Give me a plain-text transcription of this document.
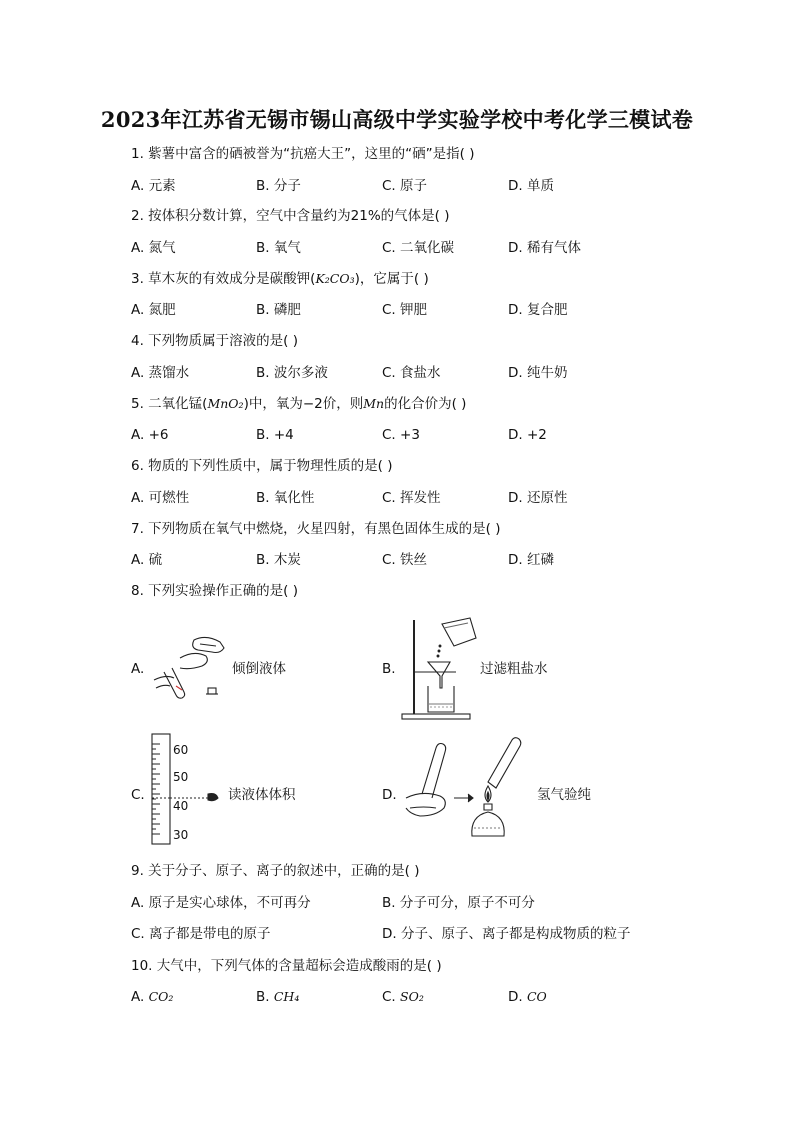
2023年江苏省无锡市锡山高级中学实验学校中考化学三模试卷
1. 紫薯中富含的硒被誉为“抗癌大王”，这里的“硒”是指( )
A. 元素	B. 分子	C. 原子	D. 单质
2. 按体积分数计算，空气中含量约为21%的气体是( )
A. 氮气	B. 氧气	C. 二氧化碳	D. 稀有气体
3. 草木灰的有效成分是碳酸钾(K₂CO₃)，它属于( )
A. 氮肥	B. 磷肥	C. 钾肥	D. 复合肥
4. 下列物质属于溶液的是( )
A. 蒸馏水	B. 波尔多液	C. 食盐水	D. 纯牛奶
5. 二氧化锰(MnO₂)中，氧为−2价，则Mn的化合价为( )
A. +6	B. +4	C. +3	D. +2
6. 物质的下列性质中，属于物理性质的是( )
A. 可燃性	B. 氧化性	C. 挥发性	D. 还原性
7. 下列物质在氧气中燃烧，火星四射，有黑色固体生成的是( )
A. 硫	B. 木炭	C. 铁丝	D. 红磷
8. 下列实验操作正确的是( )
A.	倾倒液体	B.	过滤粗盐水
C.
60
50
40
30
读液体体积	D.	氢气验纯
9. 关于分子、原子、离子的叙述中，正确的是( )
A. 原子是实心球体，不可再分	B. 分子可分，原子不可分
C. 离子都是带电的原子	D. 分子、原子、离子都是构成物质的粒子
10. 大气中，下列气体的含量超标会造成酸雨的是( )
A. CO₂	B. CH₄	C. SO₂	D. CO
